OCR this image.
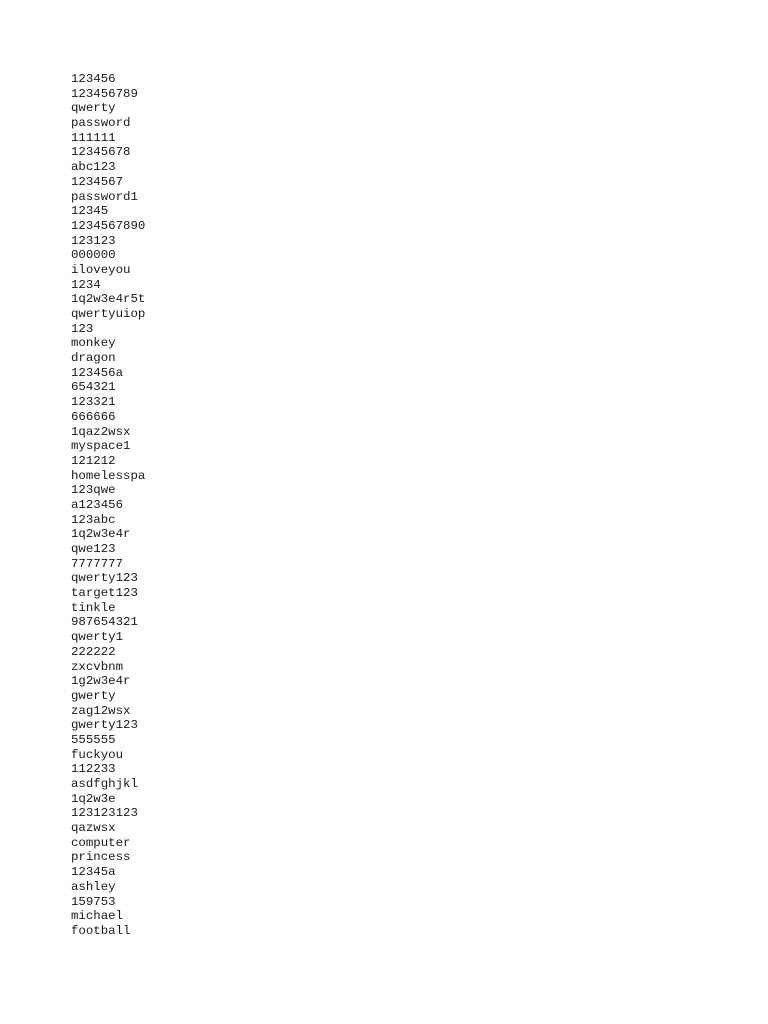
123456
123456789
qwerty
password
111111
12345678
abc123
1234567
password1
12345
1234567890
123123
000000
iloveyou
1234
1q2w3e4r5t
qwertyuiop
123
monkey
dragon
123456a
654321
123321
666666
1qaz2wsx
myspace1
121212
homelesspa
123qwe
a123456
123abc
1q2w3e4r
qwe123
7777777
qwerty123
target123
tinkle
987654321
qwerty1
222222
zxcvbnm
1g2w3e4r
gwerty
zag12wsx
gwerty123
555555
fuckyou
112233
asdfghjkl
1q2w3e
123123123
qazwsx
computer
princess
12345a
ashley
159753
michael
football
